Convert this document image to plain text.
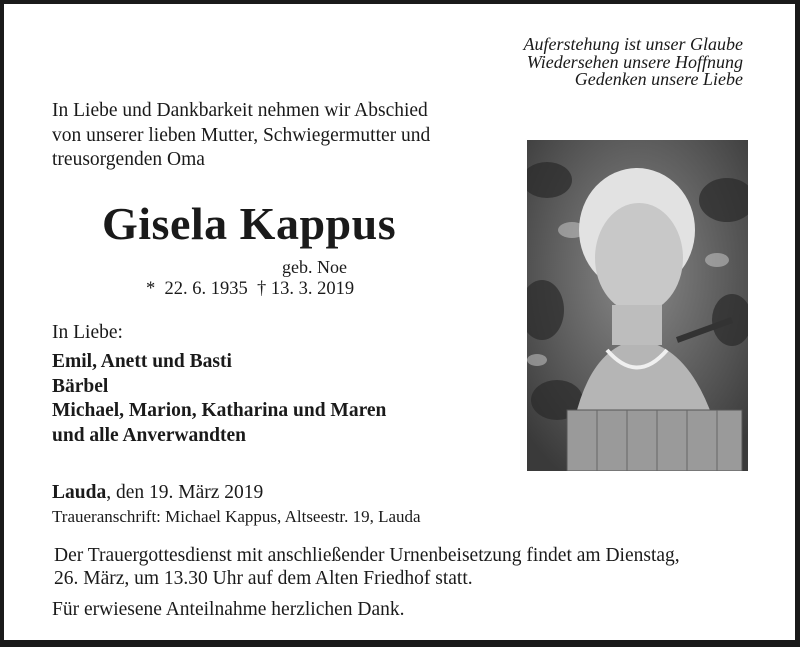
Auferstehung ist unser Glaube
Wiedersehen unsere Hoffnung
Gedenken unsere Liebe
In Liebe und Dankbarkeit nehmen wir Abschied
von unserer lieben Mutter, Schwiegermutter und
treusorgenden Oma
Gisela Kappus
geb. Noe
*  22. 6. 1935  † 13. 3. 2019
In Liebe:
Emil, Anett und Basti
Bärbel
Michael, Marion, Katharina und Maren
und alle Anverwandten
Lauda, den 19. März 2019
Traueranschrift: Michael Kappus, Altseestr. 19, Lauda
Der Trauergottesdienst mit anschließender Urnenbeisetzung findet am Dienstag,
26. März, um 13.30 Uhr auf dem Alten Friedhof statt.
Für erwiesene Anteilnahme herzlichen Dank.
